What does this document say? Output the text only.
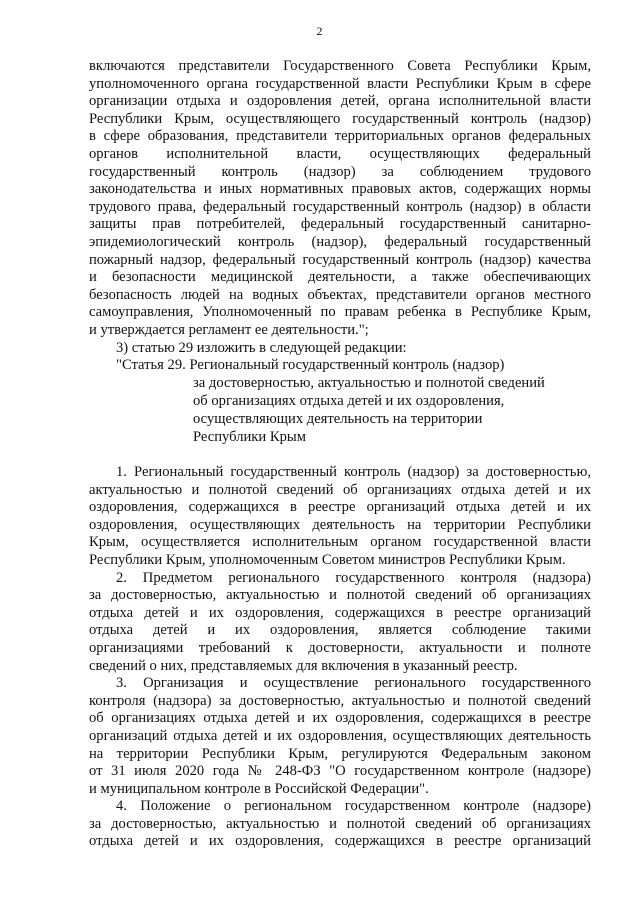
2
включаются представители Государственного Совета Республики Крым,
уполномоченного органа государственной власти Республики Крым в сфере
организации отдыха и оздоровления детей, органа исполнительной власти
Республики Крым, осуществляющего государственный контроль (надзор)
в сфере образования, представители территориальных органов федеральных
органов исполнительной власти, осуществляющих федеральный
государственный контроль (надзор) за соблюдением трудового
законодательства и иных нормативных правовых актов, содержащих нормы
трудового права, федеральный государственный контроль (надзор) в области
защиты прав потребителей, федеральный государственный санитарно-
эпидемиологический контроль (надзор), федеральный государственный
пожарный надзор, федеральный государственный контроль (надзор) качества
и безопасности медицинской деятельности, а также обеспечивающих
безопасность людей на водных объектах, представители органов местного
самоуправления, Уполномоченный по правам ребенка в Республике Крым,
и утверждается регламент ее деятельности.";
3) статью 29 изложить в следующей редакции:
"Статья 29. Региональный государственный контроль (надзор)
за достоверностью, актуальностью и полнотой сведений
об организациях отдыха детей и их оздоровления,
осуществляющих деятельность на территории
Республики Крым
1. Региональный государственный контроль (надзор) за достоверностью,
актуальностью и полнотой сведений об организациях отдыха детей и их
оздоровления, содержащихся в реестре организаций отдыха детей и их
оздоровления, осуществляющих деятельность на территории Республики
Крым, осуществляется исполнительным органом государственной власти
Республики Крым, уполномоченным Советом министров Республики Крым.
2. Предметом регионального государственного контроля (надзора)
за достоверностью, актуальностью и полнотой сведений об организациях
отдыха детей и их оздоровления, содержащихся в реестре организаций
отдыха детей и их оздоровления, является соблюдение такими
организациями требований к достоверности, актуальности и полноте
сведений о них, представляемых для включения в указанный реестр.
3. Организация и осуществление регионального государственного
контроля (надзора) за достоверностью, актуальностью и полнотой сведений
об организациях отдыха детей и их оздоровления, содержащихся в реестре
организаций отдыха детей и их оздоровления, осуществляющих деятельность
на территории Республики Крым, регулируются Федеральным законом
от 31 июля 2020 года № 248-ФЗ "О государственном контроле (надзоре)
и муниципальном контроле в Российской Федерации".
4. Положение о региональном государственном контроле (надзоре)
за достоверностью, актуальностью и полнотой сведений об организациях
отдыха детей и их оздоровления, содержащихся в реестре организаций
